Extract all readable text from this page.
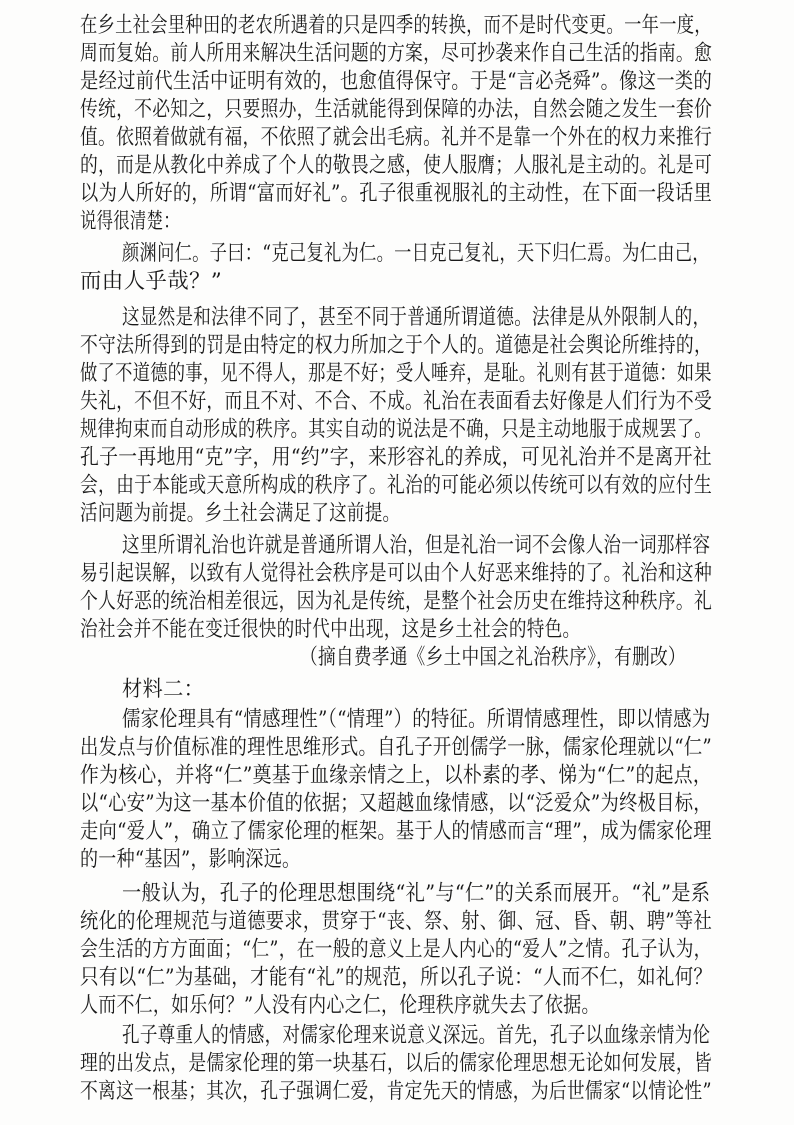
在乡土社会里种田的老农所遇着的只是四季的转换，而不是时代变更。一年一度，
周而复始。前人所用来解决生活问题的方案，尽可抄袭来作自己生活的指南。愈
是经过前代生活中证明有效的，也愈值得保守。于是“言必尧舜”。像这一类的
传统，不必知之，只要照办，生活就能得到保障的办法，自然会随之发生一套价
值。依照着做就有福，不依照了就会出毛病。礼并不是靠一个外在的权力来推行
的，而是从教化中养成了个人的敬畏之感，使人服膺；人服礼是主动的。礼是可
以为人所好的，所谓“富而好礼”。孔子很重视服礼的主动性，在下面一段话里
说得很清楚：
颜渊问仁。子曰：“克己复礼为仁。一日克己复礼，天下归仁焉。为仁由己，
而由人乎哉？”
这显然是和法律不同了，甚至不同于普通所谓道德。法律是从外限制人的，
不守法所得到的罚是由特定的权力所加之于个人的。道德是社会舆论所维持的，
做了不道德的事，见不得人，那是不好；受人唾弃，是耻。礼则有甚于道德：如果
失礼，不但不好，而且不对、不合、不成。礼治在表面看去好像是人们行为不受
规律拘束而自动形成的秩序。其实自动的说法是不确，只是主动地服于成规罢了。
孔子一再地用“克”字，用“约”字，来形容礼的养成，可见礼治并不是离开社
会，由于本能或天意所构成的秩序了。礼治的可能必须以传统可以有效的应付生
活问题为前提。乡土社会满足了这前提。
这里所谓礼治也许就是普通所谓人治，但是礼治一词不会像人治一词那样容
易引起误解，以致有人觉得社会秩序是可以由个人好恶来维持的了。礼治和这种
个人好恶的统治相差很远，因为礼是传统，是整个社会历史在维持这种秩序。礼
治社会并不能在变迁很快的时代中出现，这是乡土社会的特色。
（摘自费孝通《乡土中国之礼治秩序》，有删改）
材料二：
儒家伦理具有“情感理性”（“情理”）的特征。所谓情感理性，即以情感为
出发点与价值标准的理性思维形式。自孔子开创儒学一脉，儒家伦理就以“仁”
作为核心，并将“仁”奠基于血缘亲情之上，以朴素的孝、悌为“仁”的起点，
以“心安”为这一基本价值的依据；又超越血缘情感，以“泛爱众”为终极目标，
走向“爱人”，确立了儒家伦理的框架。基于人的情感而言“理”，成为儒家伦理
的一种“基因”，影响深远。
一般认为，孔子的伦理思想围绕“礼”与“仁”的关系而展开。“礼”是系
统化的伦理规范与道德要求，贯穿于“丧、祭、射、御、冠、昏、朝、聘”等社
会生活的方方面面；“仁”，在一般的意义上是人内心的“爱人”之情。孔子认为，
只有以“仁”为基础，才能有“礼”的规范，所以孔子说：“人而不仁，如礼何？
人而不仁，如乐何？”人没有内心之仁，伦理秩序就失去了依据。
孔子尊重人的情感，对儒家伦理来说意义深远。首先，孔子以血缘亲情为伦
理的出发点，是儒家伦理的第一块基石，以后的儒家伦理思想无论如何发展，皆
不离这一根基；其次，孔子强调仁爱，肯定先天的情感，为后世儒家“以情论性”
